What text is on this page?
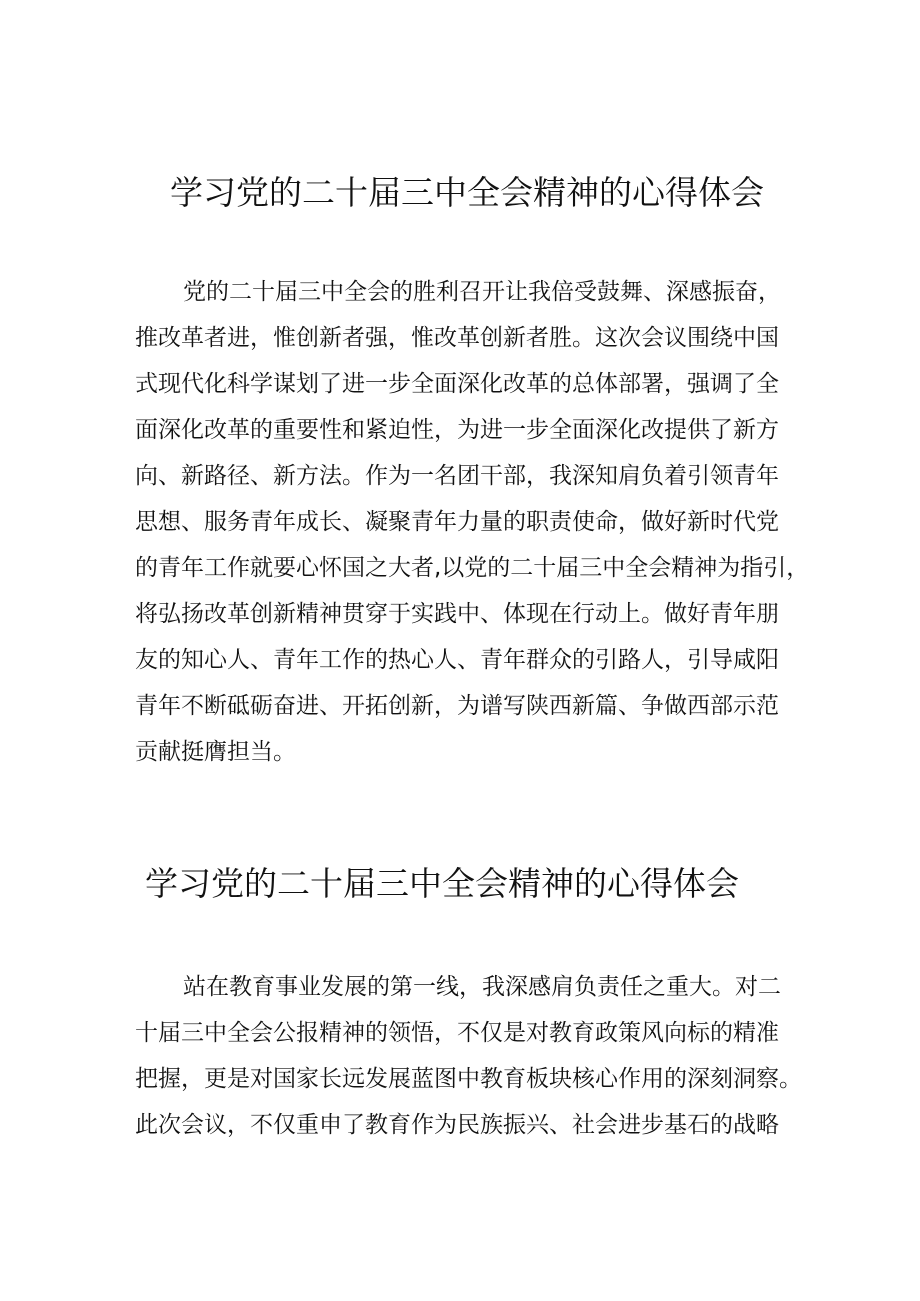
学习党的二十届三中全会精神的心得体会
党的二十届三中全会的胜利召开让我倍受鼓舞、深感振奋，
推改革者进，惟创新者强，惟改革创新者胜。这次会议围绕中国
式现代化科学谋划了进一步全面深化改革的总体部署，强调了全
面深化改革的重要性和紧迫性，为进一步全面深化改提供了新方
向、新路径、新方法。作为一名团干部，我深知肩负着引领青年
思想、服务青年成长、凝聚青年力量的职责使命，做好新时代党
的青年工作就要心怀国之大者,以党的二十届三中全会精神为指引，
将弘扬改革创新精神贯穿于实践中、体现在行动上。做好青年朋
友的知心人、青年工作的热心人、青年群众的引路人，引导咸阳
青年不断砥砺奋进、开拓创新，为谱写陕西新篇、争做西部示范
贡献挺膺担当。
学习党的二十届三中全会精神的心得体会
站在教育事业发展的第一线，我深感肩负责任之重大。对二
十届三中全会公报精神的领悟，不仅是对教育政策风向标的精准
把握，更是对国家长远发展蓝图中教育板块核心作用的深刻洞察。
此次会议，不仅重申了教育作为民族振兴、社会进步基石的战略
